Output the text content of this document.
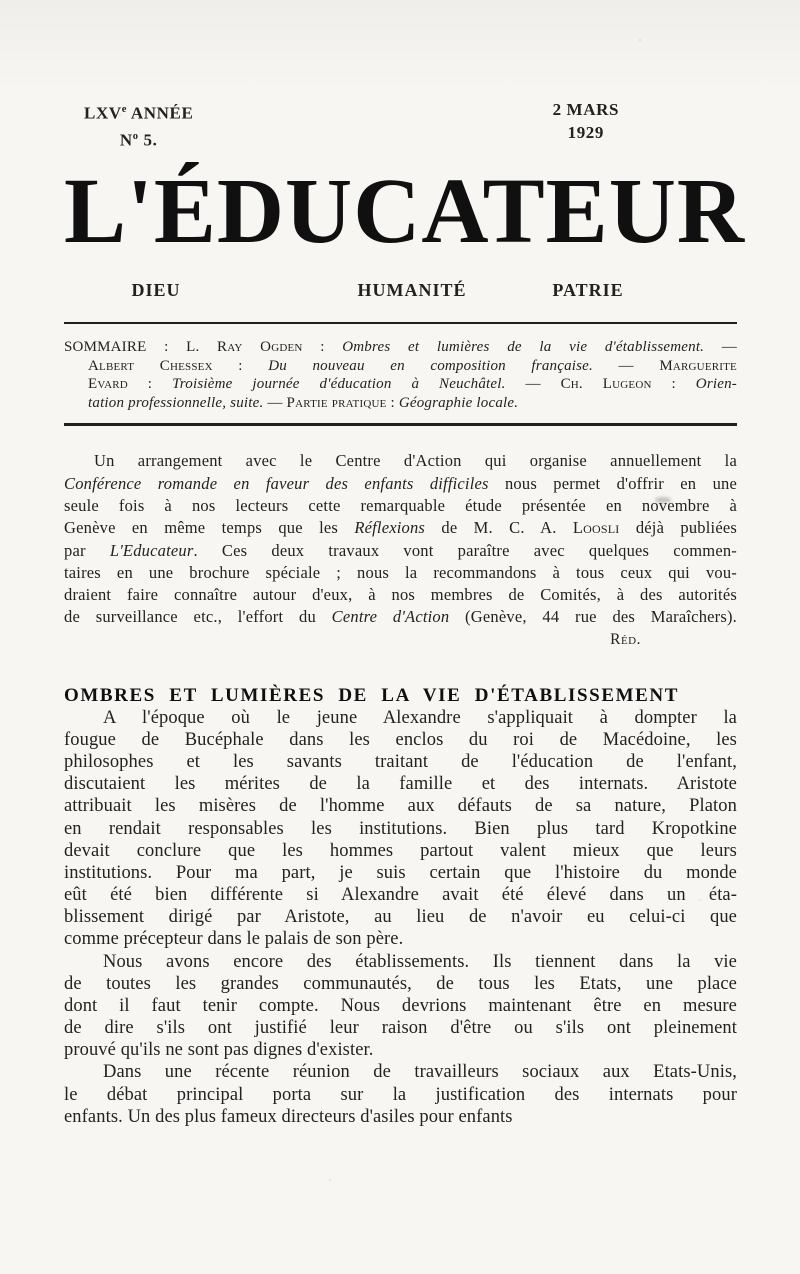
LXVe ANNÉE
$N^o$ 5.
2 MARS
1929
L'ÉDUCATEUR
DIEU	HUMANITÉ	PATRIE
SOMMAIRE : L. Ray Ogden : Ombres et lumières de la vie d'établissement. —
Albert Chessex : Du nouveau en composition française. — Marguerite
Evard : Troisième journée d'éducation à Neuchâtel. — Ch. Lugeon : Orien-
tation professionnelle, suite. — Partie pratique : Géographie locale.
Un arrangement avec le Centre d'Action qui organise annuellement la
Conférence romande en faveur des enfants difficiles nous permet d'offrir en une
seule fois à nos lecteurs cette remarquable étude présentée en novembre à
Genève en même temps que les Réflexions de M. C. A. Loosli déjà publiées
par L'Educateur. Ces deux travaux vont paraître avec quelques commen-
taires en une brochure spéciale ; nous la recommandons à tous ceux qui vou-
draient faire connaître autour d'eux, à nos membres de Comités, à des autorités
de surveillance etc., l'effort du Centre d'Action (Genève, 44 rue des Maraîchers).
Réd.
OMBRES ET LUMIÈRES DE LA VIE D'ÉTABLISSEMENT
A l'époque où le jeune Alexandre s'appliquait à dompter la
fougue de Bucéphale dans les enclos du roi de Macédoine, les
philosophes et les savants traitant de l'éducation de l'enfant,
discutaient les mérites de la famille et des internats. Aristote
attribuait les misères de l'homme aux défauts de sa nature, Platon
en rendait responsables les institutions. Bien plus tard Kropotkine
devait conclure que les hommes partout valent mieux que leurs
institutions. Pour ma part, je suis certain que l'histoire du monde
eût été bien différente si Alexandre avait été élevé dans un éta-
blissement dirigé par Aristote, au lieu de n'avoir eu celui-ci que
comme précepteur dans le palais de son père.
Nous avons encore des établissements. Ils tiennent dans la vie
de toutes les grandes communautés, de tous les Etats, une place
dont il faut tenir compte. Nous devrions maintenant être en mesure
de dire s'ils ont justifié leur raison d'être ou s'ils ont pleinement
prouvé qu'ils ne sont pas dignes d'exister.
Dans une récente réunion de travailleurs sociaux aux Etats-Unis,
le débat principal porta sur la justification des internats pour
enfants. Un des plus fameux directeurs d'asiles pour enfants
